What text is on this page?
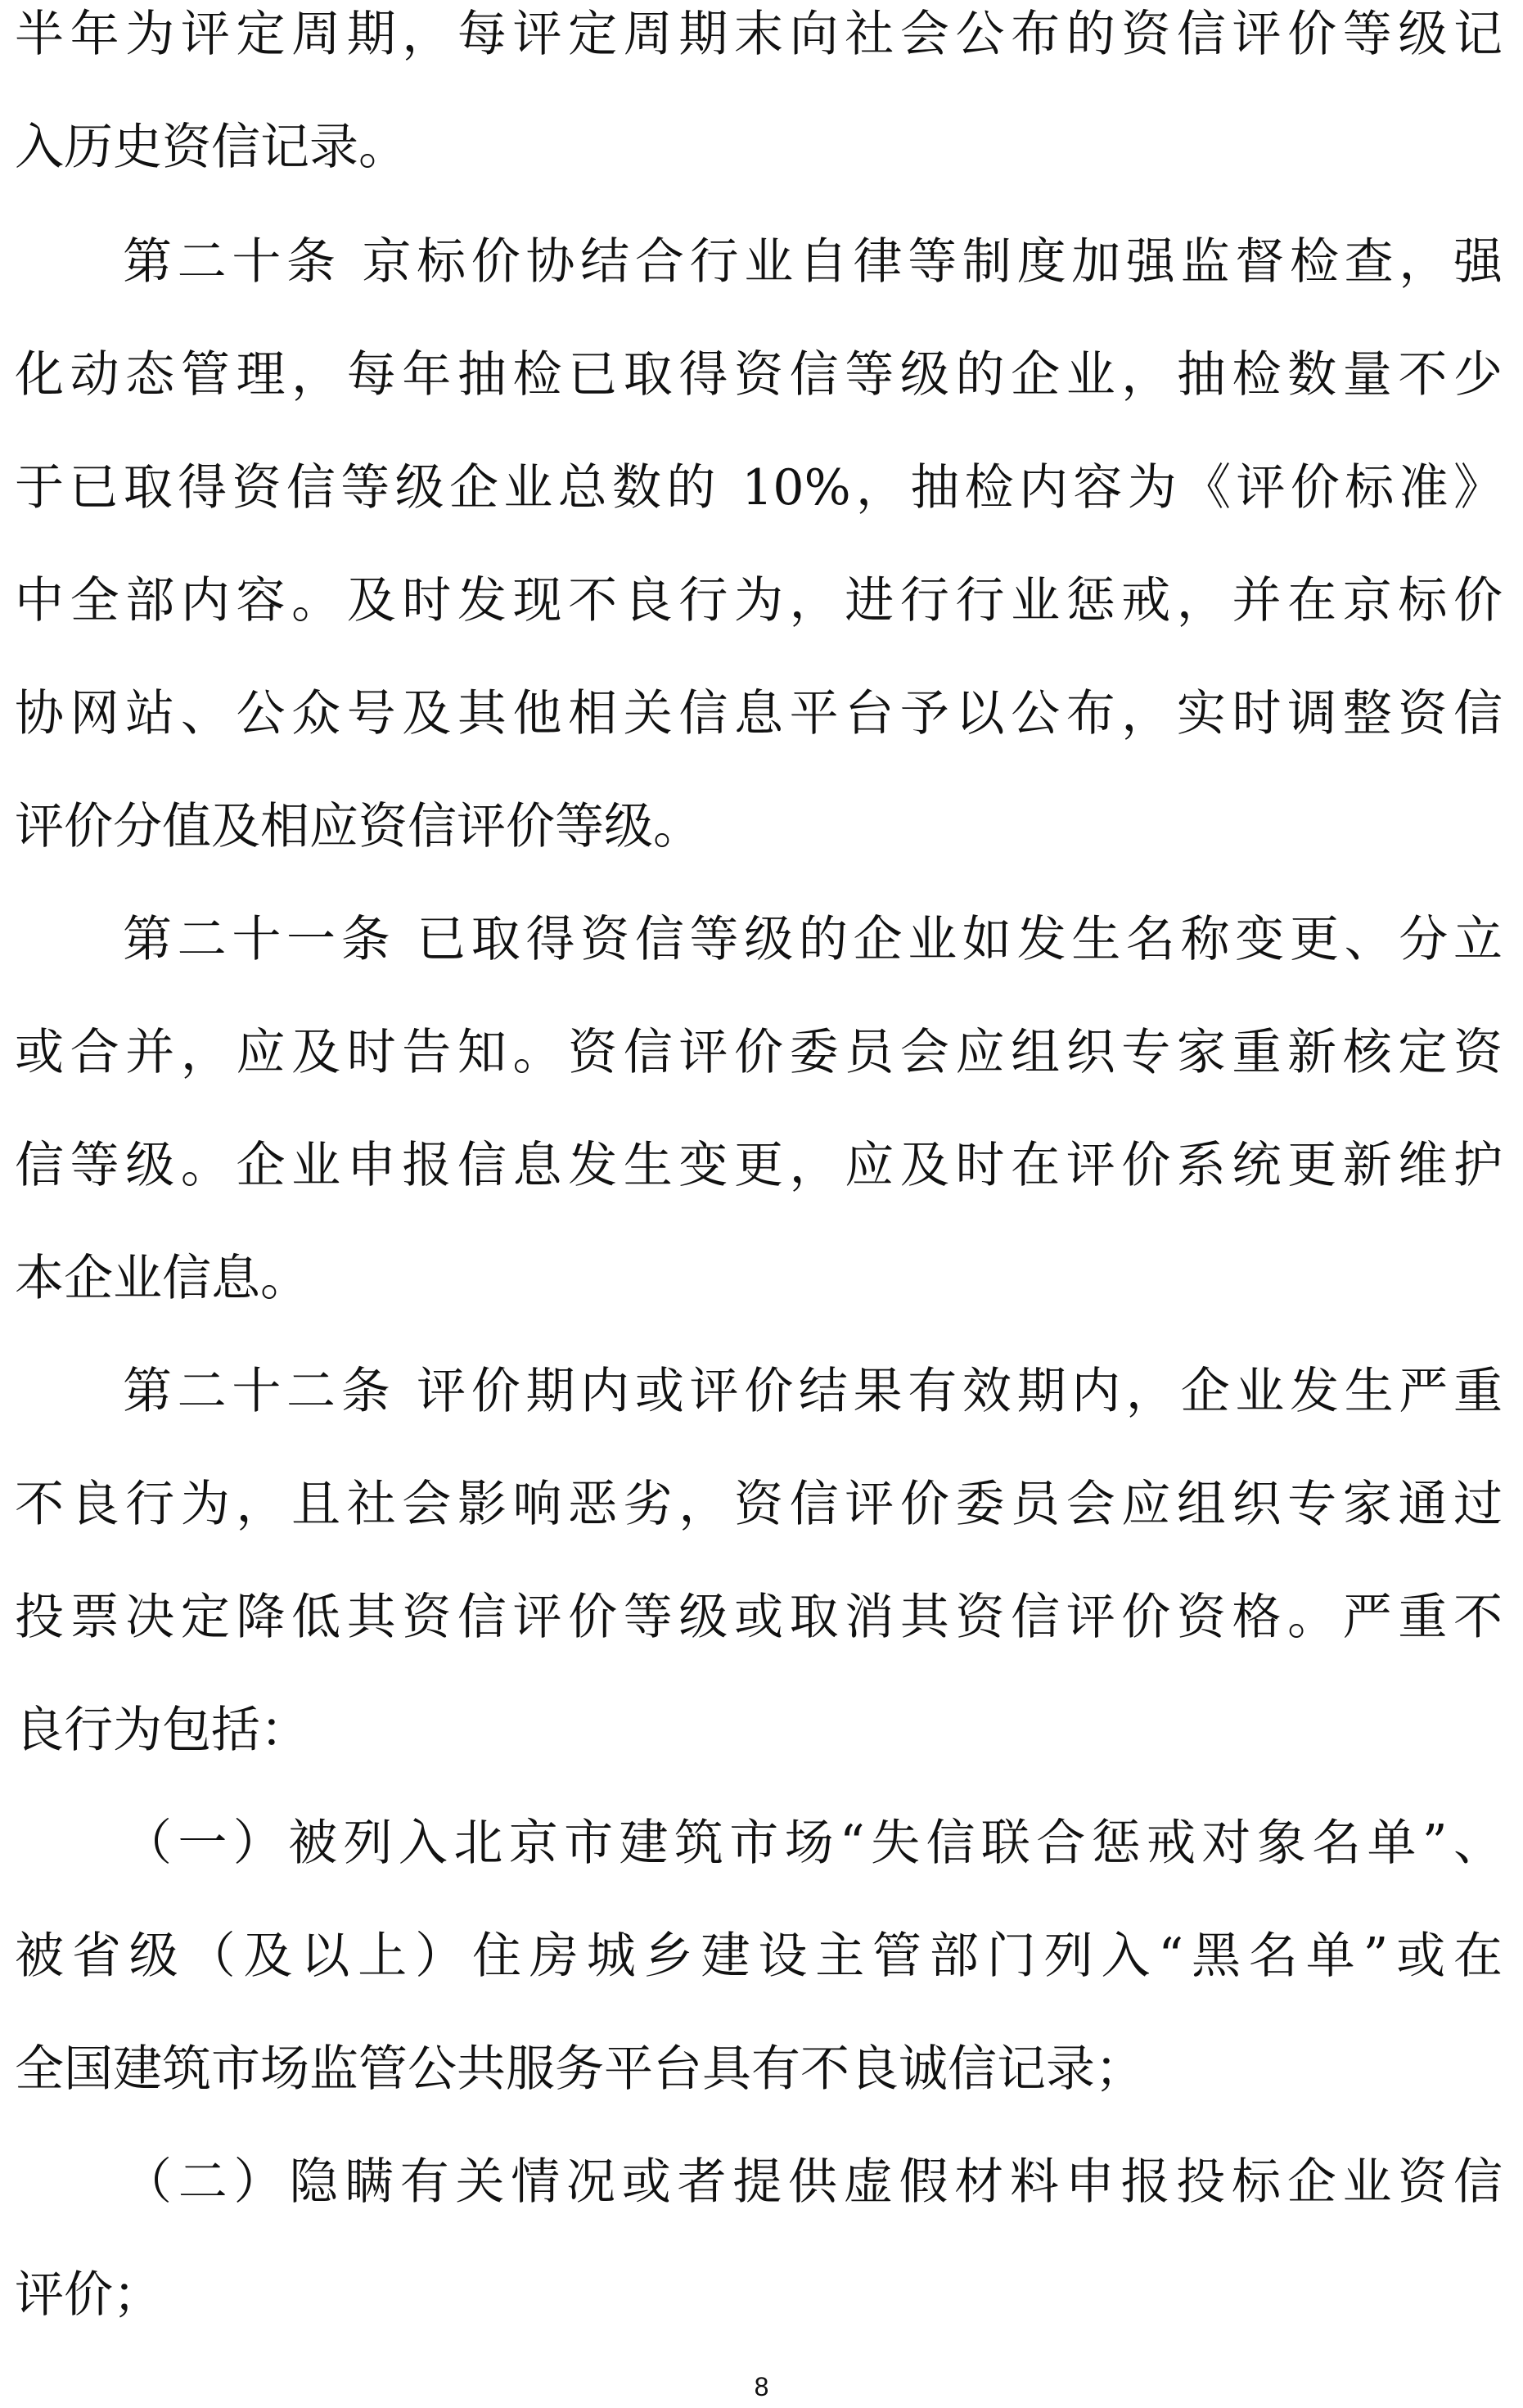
半年为评定周期，每评定周期末向社会公布的资信评价等级记
入历史资信记录。
第二十条 京标价协结合行业自律等制度加强监督检查，强
化动态管理，每年抽检已取得资信等级的企业，抽检数量不少
于已取得资信等级企业总数的 10%，抽检内容为《评价标准》
中全部内容。及时发现不良行为，进行行业惩戒，并在京标价
协网站、公众号及其他相关信息平台予以公布，实时调整资信
评价分值及相应资信评价等级。
第二十一条 已取得资信等级的企业如发生名称变更、分立
或合并，应及时告知。资信评价委员会应组织专家重新核定资
信等级。企业申报信息发生变更，应及时在评价系统更新维护
本企业信息。
第二十二条 评价期内或评价结果有效期内，企业发生严重
不良行为，且社会影响恶劣，资信评价委员会应组织专家通过
投票决定降低其资信评价等级或取消其资信评价资格。严重不
良行为包括：
（一）被列入北京市建筑市场“失信联合惩戒对象名单”、
被省级（及以上）住房城乡建设主管部门列入“黑名单”或在
全国建筑市场监管公共服务平台具有不良诚信记录；
（二）隐瞒有关情况或者提供虚假材料申报投标企业资信
评价；
8
